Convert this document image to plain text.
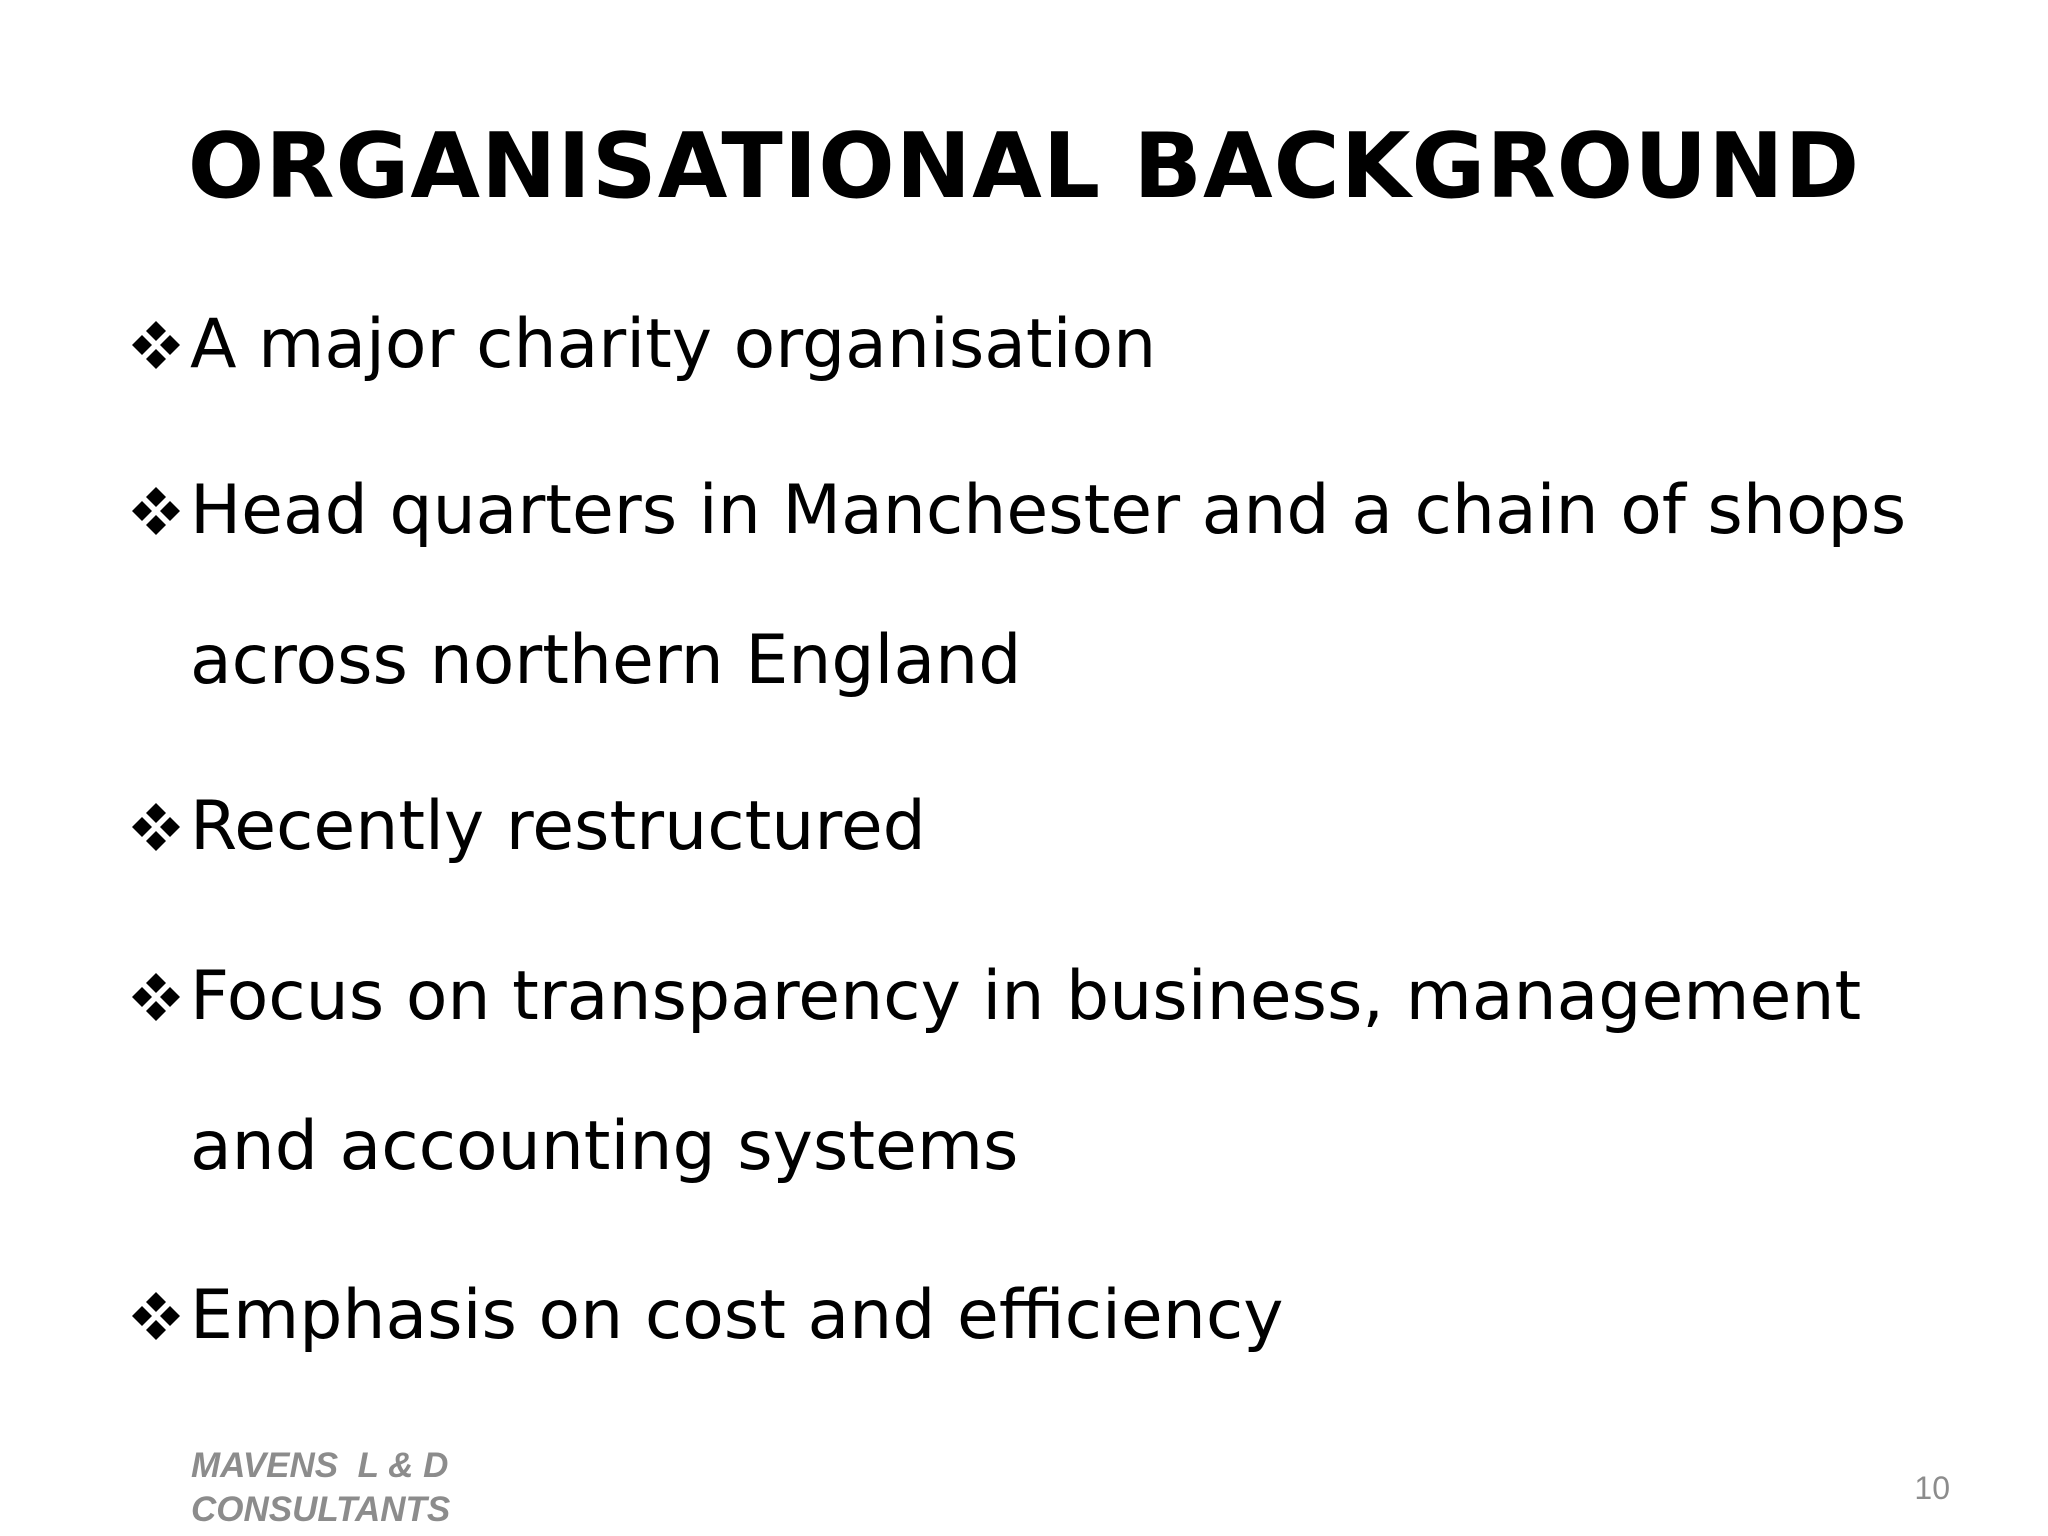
ORGANISATIONAL BACKGROUND

A major charity organisation

Head quarters in Manchester and a chain of shops across northern England

Recently restructured

Focus on transparency in business, management and accounting systems

Emphasis on cost and efficiency

MAVENS  L & D
CONSULTANTS
10
